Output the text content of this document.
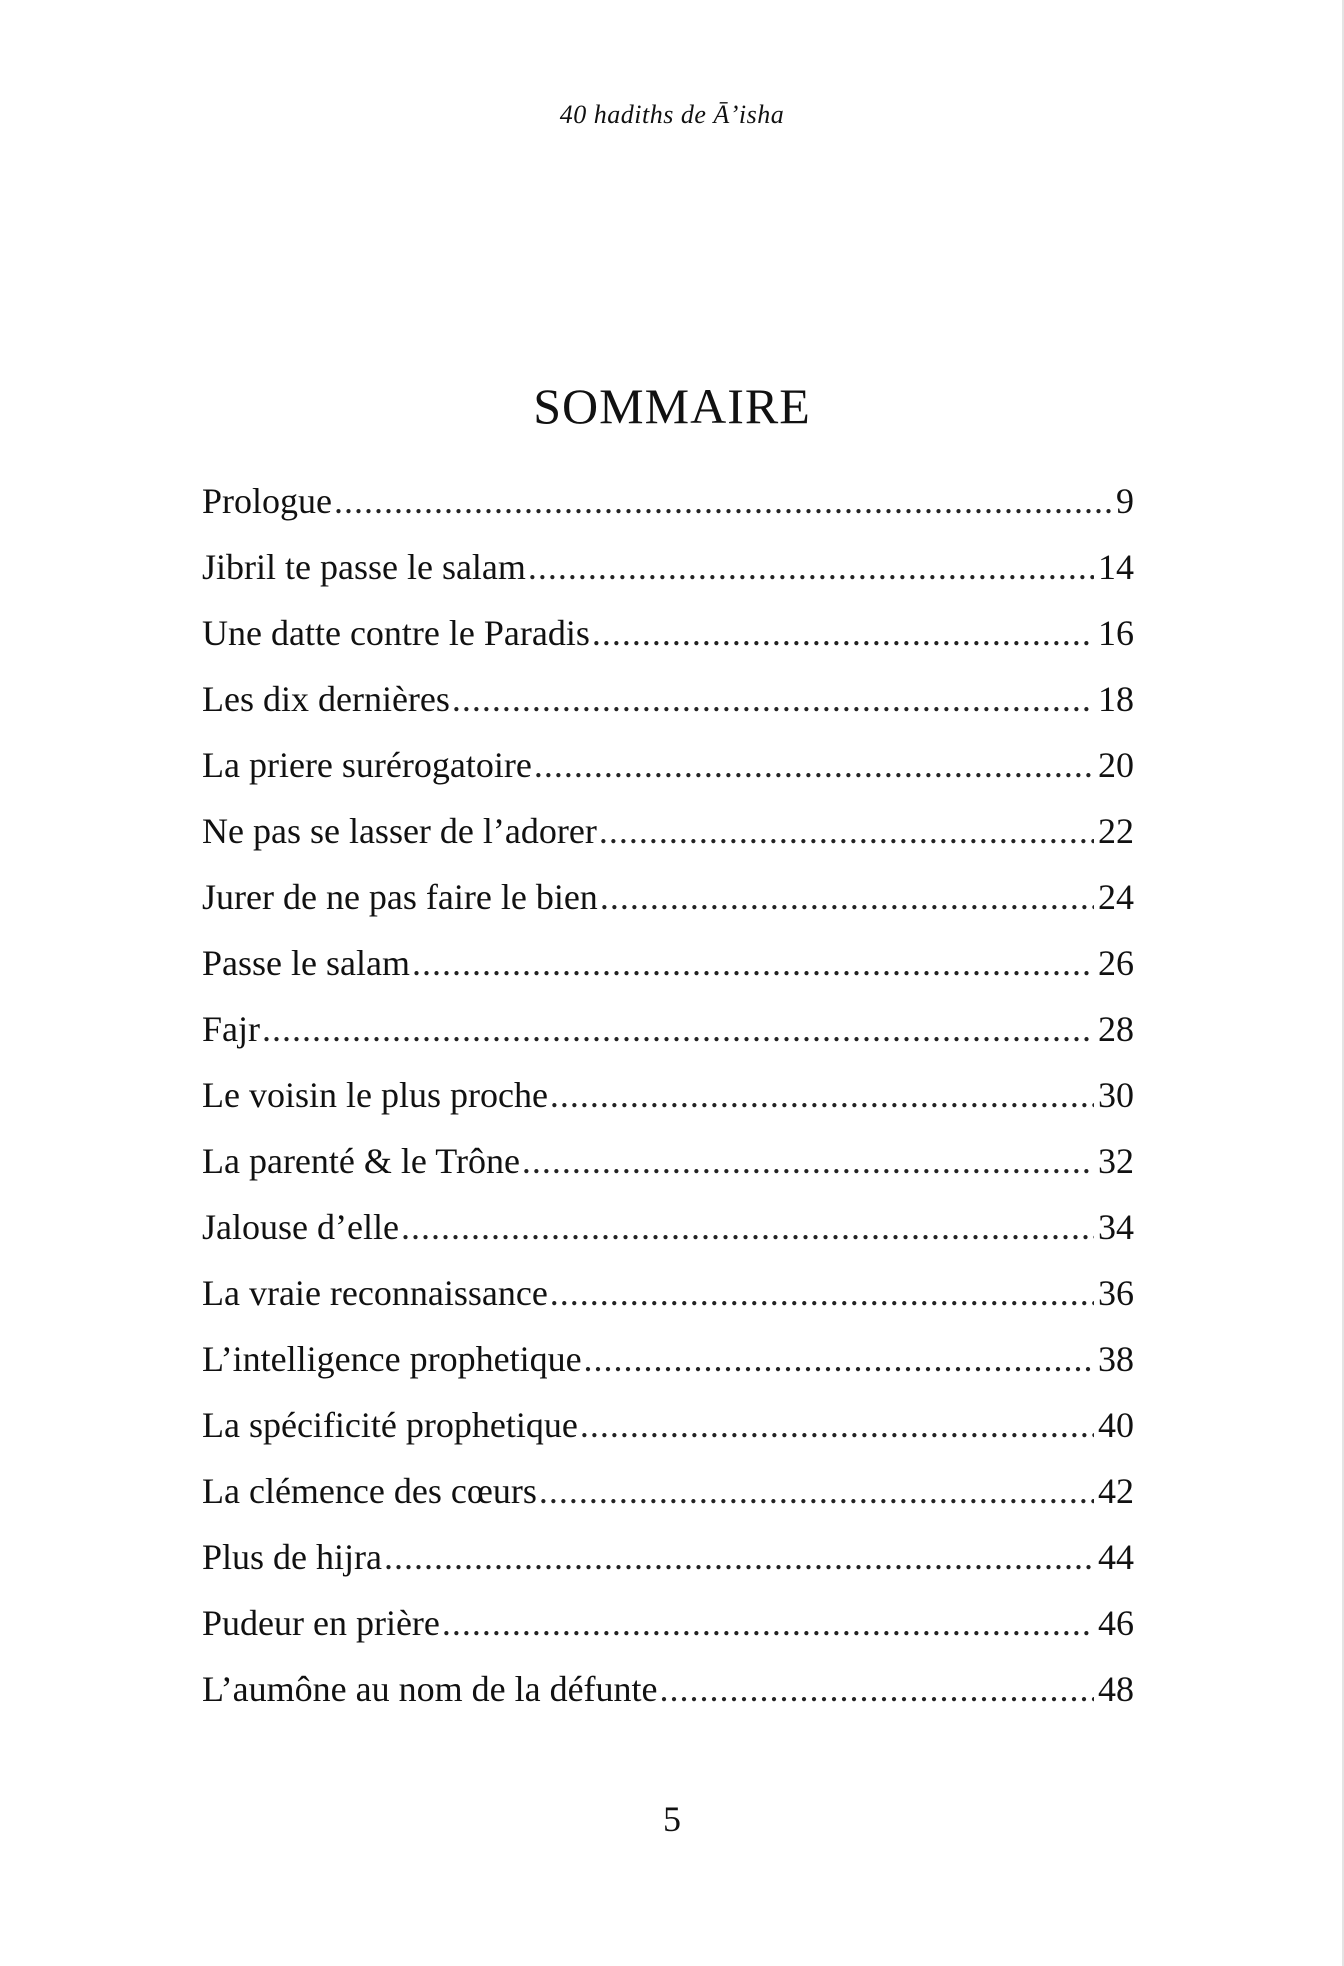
40 hadiths de Ā’isha
SOMMAIRE
Prologue .....	9
Jibril te passe le salam .....	14
Une datte contre le Paradis .....	16
Les dix dernières .....	18
La priere surérogatoire .....	20
Ne pas se lasser de l’adorer .....	22
Jurer de ne pas faire le bien .....	24
Passe le salam .....	26
Fajr .....	28
Le voisin le plus proche .....	30
La parenté & le Trône .....	32
Jalouse d’elle .....	34
La vraie reconnaissance .....	36
L’intelligence prophetique .....	38
La spécificité prophetique .....	40
La clémence des cœurs .....	42
Plus de hijra .....	44
Pudeur en prière .....	46
L’aumône au nom de la défunte .....	48
5
